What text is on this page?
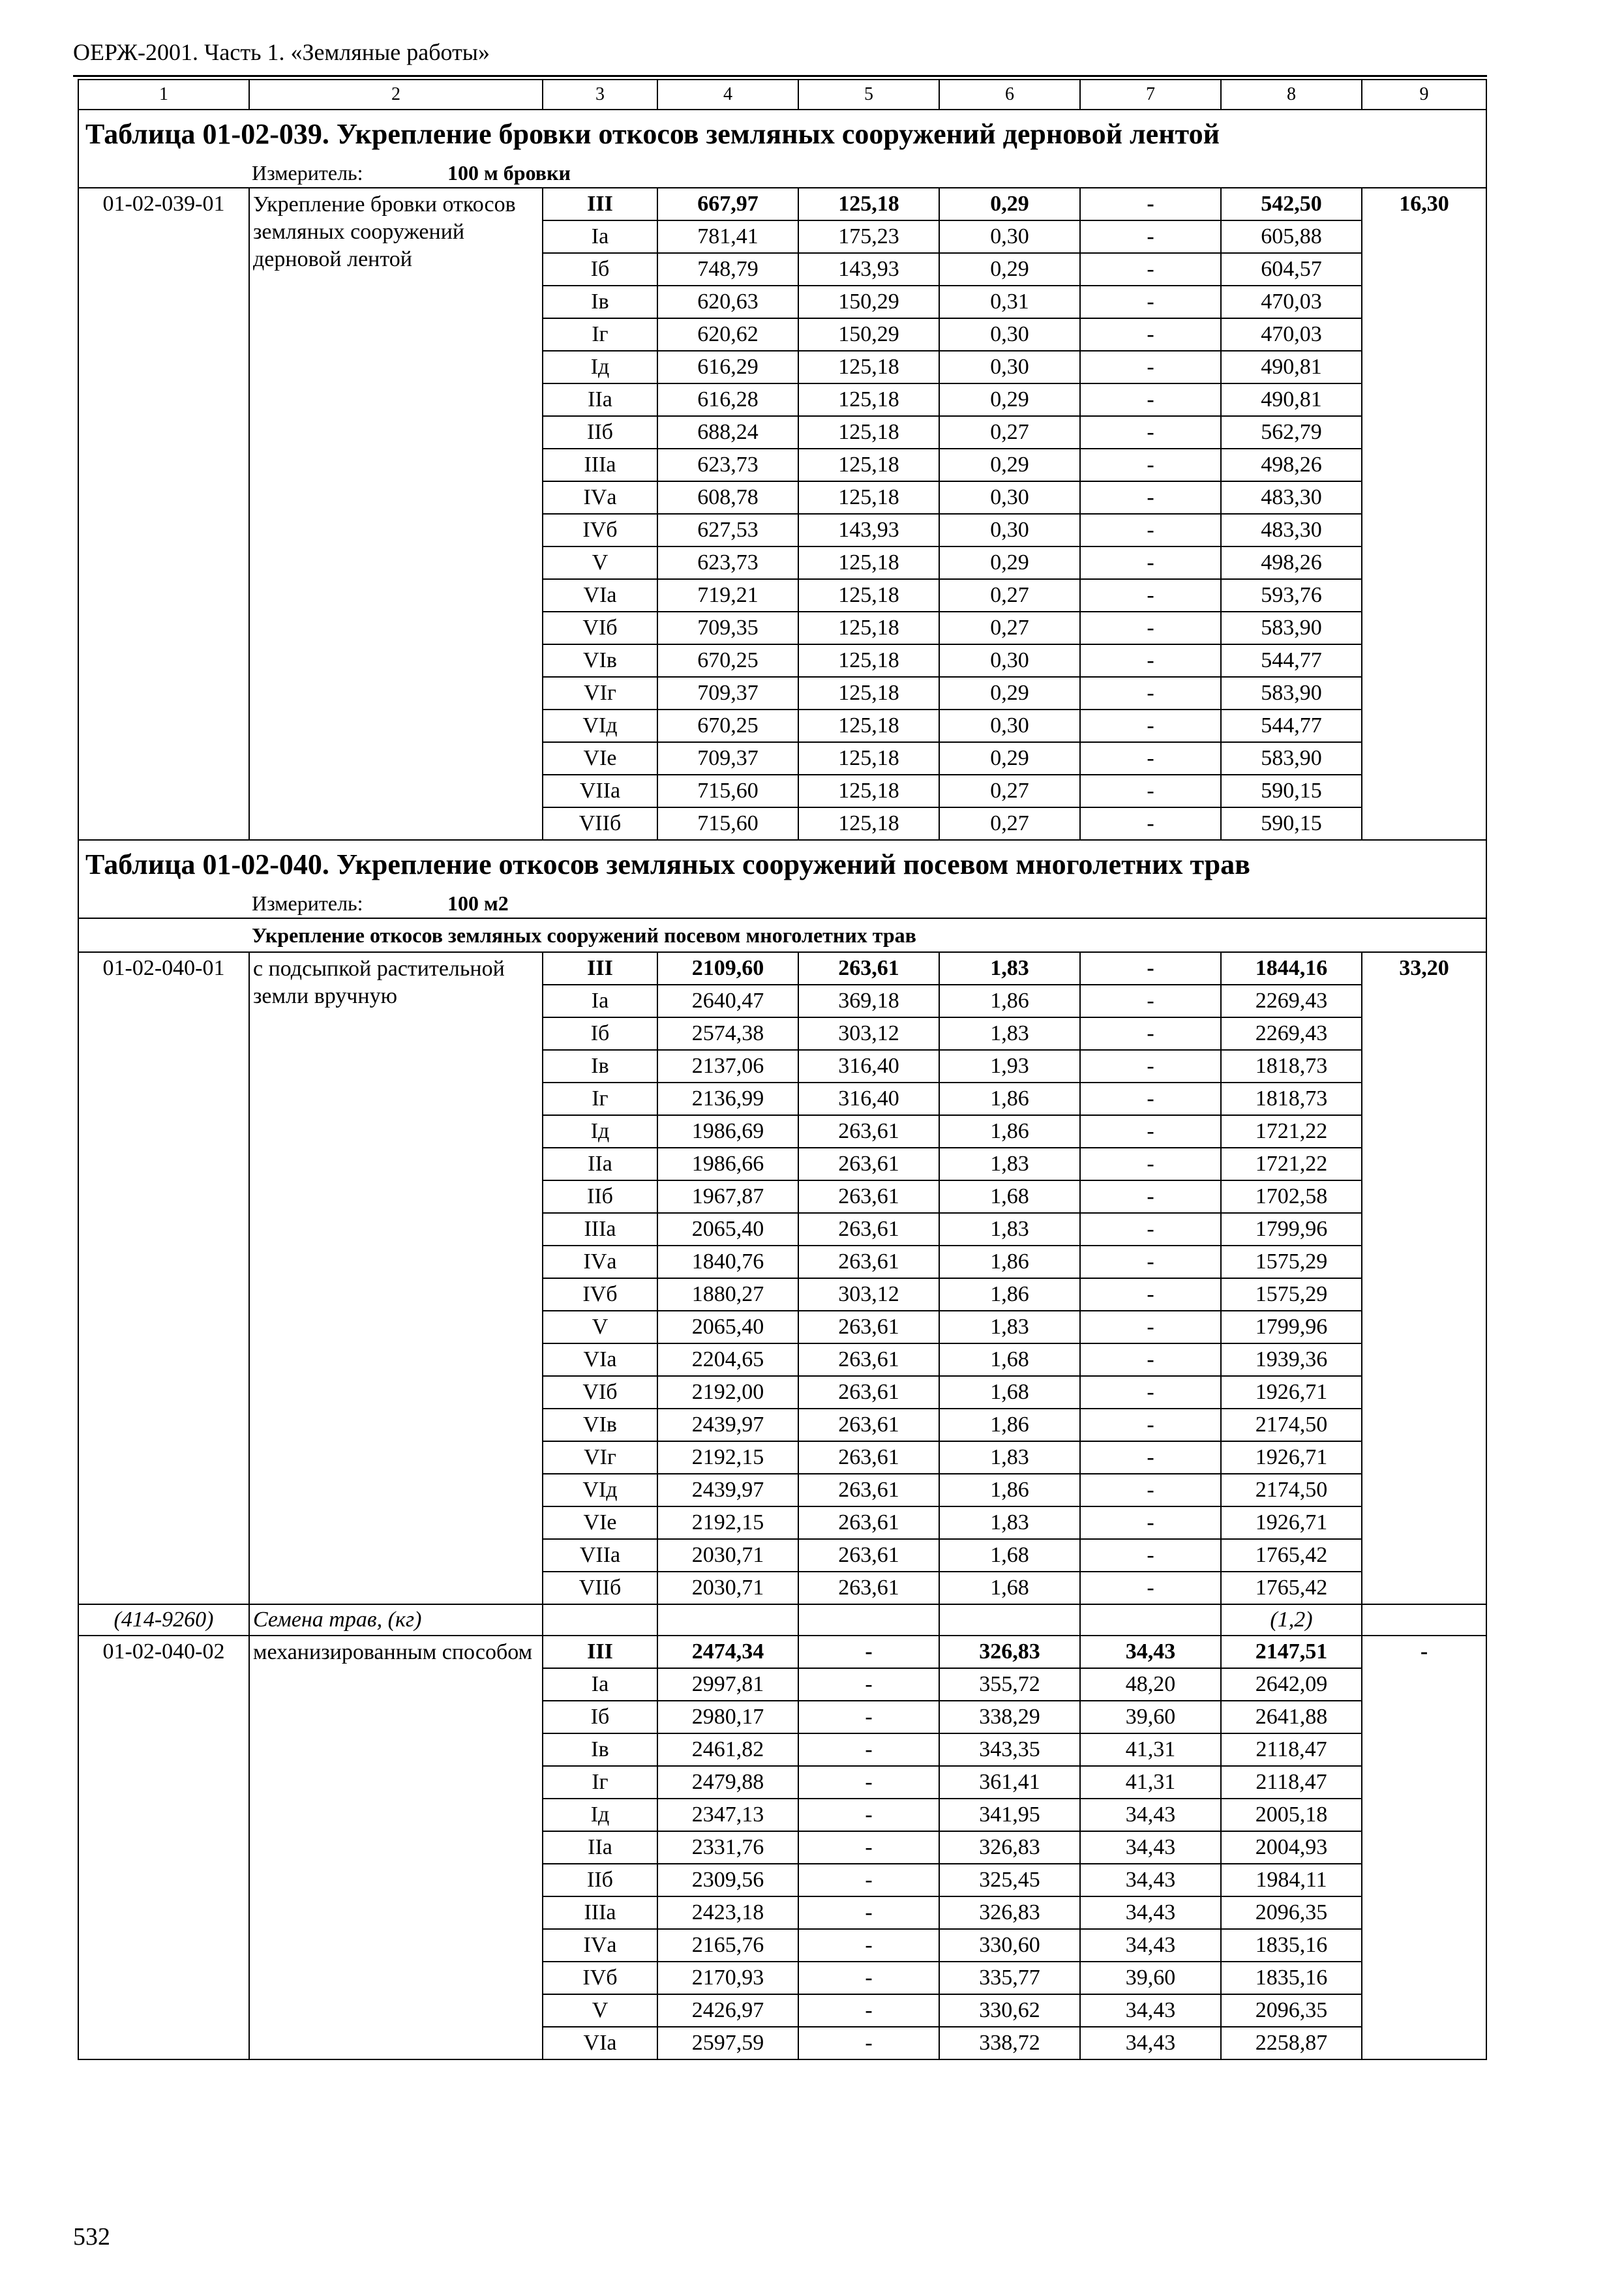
ОЕРЖ-2001. Часть 1. «Земляные работы»
1	2	3	4	5	6	7	8	9
Таблица 01-02-039. Укрепление бровки откосов земляных сооружений дерновой лентой								
Измеритель: 100 м бровки								
01-02-039-01	Укрепление бровки откосов земляных сооружений дерновой лентой	III	667,97	125,18	0,29	-	542,50	16,30
		Iа	781,41	175,23	0,30	-	605,88	
		Iб	748,79	143,93	0,29	-	604,57	
		Iв	620,63	150,29	0,31	-	470,03	
		Iг	620,62	150,29	0,30	-	470,03	
		Iд	616,29	125,18	0,30	-	490,81	
		IIа	616,28	125,18	0,29	-	490,81	
		IIб	688,24	125,18	0,27	-	562,79	
		IIIа	623,73	125,18	0,29	-	498,26	
		IVа	608,78	125,18	0,30	-	483,30	
		IVб	627,53	143,93	0,30	-	483,30	
		V	623,73	125,18	0,29	-	498,26	
		VIа	719,21	125,18	0,27	-	593,76	
		VIб	709,35	125,18	0,27	-	583,90	
		VIв	670,25	125,18	0,30	-	544,77	
		VIг	709,37	125,18	0,29	-	583,90	
		VIд	670,25	125,18	0,30	-	544,77	
		VIе	709,37	125,18	0,29	-	583,90	
		VIIа	715,60	125,18	0,27	-	590,15	
		VIIб	715,60	125,18	0,27	-	590,15	
Таблица 01-02-040. Укрепление откосов земляных сооружений посевом многолетних трав								
Измеритель: 100 м2								
Укрепление откосов земляных сооружений посевом многолетних трав								
01-02-040-01	с подсыпкой растительной земли вручную	III	2109,60	263,61	1,83	-	1844,16	33,20
		Iа	2640,47	369,18	1,86	-	2269,43	
		Iб	2574,38	303,12	1,83	-	2269,43	
		Iв	2137,06	316,40	1,93	-	1818,73	
		Iг	2136,99	316,40	1,86	-	1818,73	
		Iд	1986,69	263,61	1,86	-	1721,22	
		IIа	1986,66	263,61	1,83	-	1721,22	
		IIб	1967,87	263,61	1,68	-	1702,58	
		IIIа	2065,40	263,61	1,83	-	1799,96	
		IVа	1840,76	263,61	1,86	-	1575,29	
		IVб	1880,27	303,12	1,86	-	1575,29	
		V	2065,40	263,61	1,83	-	1799,96	
		VIа	2204,65	263,61	1,68	-	1939,36	
		VIб	2192,00	263,61	1,68	-	1926,71	
		VIв	2439,97	263,61	1,86	-	2174,50	
		VIг	2192,15	263,61	1,83	-	1926,71	
		VIд	2439,97	263,61	1,86	-	2174,50	
		VIе	2192,15	263,61	1,83	-	1926,71	
		VIIа	2030,71	263,61	1,68	-	1765,42	
		VIIб	2030,71	263,61	1,68	-	1765,42	
(414-9260)	Семена трав, (кг)						(1,2)	
01-02-040-02	механизированным способом	III	2474,34	-	326,83	34,43	2147,51	-
		Iа	2997,81	-	355,72	48,20	2642,09	
		Iб	2980,17	-	338,29	39,60	2641,88	
		Iв	2461,82	-	343,35	41,31	2118,47	
		Iг	2479,88	-	361,41	41,31	2118,47	
		Iд	2347,13	-	341,95	34,43	2005,18	
		IIа	2331,76	-	326,83	34,43	2004,93	
		IIб	2309,56	-	325,45	34,43	1984,11	
		IIIа	2423,18	-	326,83	34,43	2096,35	
		IVа	2165,76	-	330,60	34,43	1835,16	
		IVб	2170,93	-	335,77	39,60	1835,16	
		V	2426,97	-	330,62	34,43	2096,35	
		VIа	2597,59	-	338,72	34,43	2258,87	
532
